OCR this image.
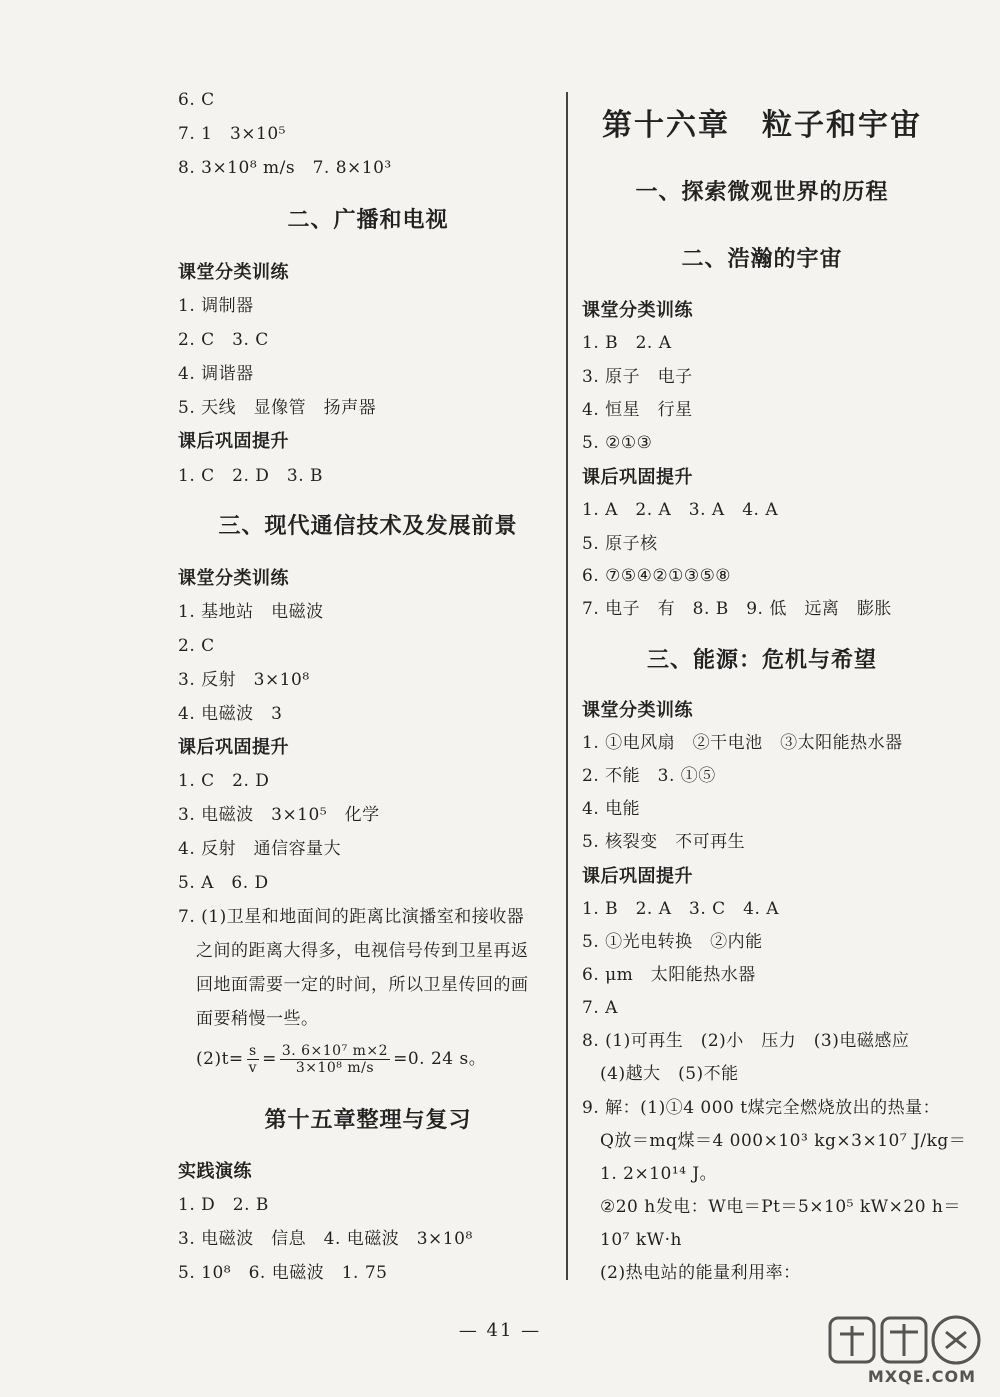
6. C
7. 1　3×10⁵
8. 3×10⁸ m/s　7. 8×10³
二、广播和电视
课堂分类训练
1. 调制器
2. C　3. C
4. 调谐器
5. 天线　显像管　扬声器
课后巩固提升
1. C　2. D　3. B
三、现代通信技术及发展前景
课堂分类训练
1. 基地站　电磁波
2. C
3. 反射　3×10⁸
4. 电磁波　3
课后巩固提升
1. C　2. D
3. 电磁波　3×10⁵　化学
4. 反射　通信容量大
5. A　6. D
7. (1)卫星和地面间的距离比演播室和接收器
之间的距离大得多，电视信号传到卫星再返
回地面需要一定的时间，所以卫星传回的画
面要稍慢一些。
$(2)t= \frac{s}{v} = \frac{\text{3. 6×10⁷ m×2}}{\text{3×10⁸ m/s}} =0$. 24 s。
第十五章整理与复习
实践演练
1. D　2. B
3. 电磁波　信息　4. 电磁波　3×10⁸
5. 10⁸　6. 电磁波　1. 75
第十六章　粒子和宇宙
一、探索微观世界的历程
二、浩瀚的宇宙
课堂分类训练
1. B　2. A
3. 原子　电子
4. 恒星　行星
5. ②①③
课后巩固提升
1. A　2. A　3. A　4. A
5. 原子核
6. ⑦⑤④②①③⑤⑧
7. 电子　有　8. B　9. 低　远离　膨胀
三、能源：危机与希望
课堂分类训练
1. ①电风扇　②干电池　③太阳能热水器
2. 不能　3. ①⑤
4. 电能
5. 核裂变　不可再生
课后巩固提升
1. B　2. A　3. C　4. A
5. ①光电转换　②内能
6. μm　太阳能热水器
7. A
8. (1)可再生　(2)小　压力　(3)电磁感应
(4)越大　(5)不能
9. 解：(1)①4 000 t煤完全燃烧放出的热量：
Q放＝mq煤＝4 000×10³ kg×3×10⁷ J/kg＝
1. 2×10¹⁴ J。
②20 h发电：W电＝Pt＝5×10⁵ kW×20 h＝
10⁷ kW·h
(2)热电站的能量利用率：
— 41 —
MXQE.COM
